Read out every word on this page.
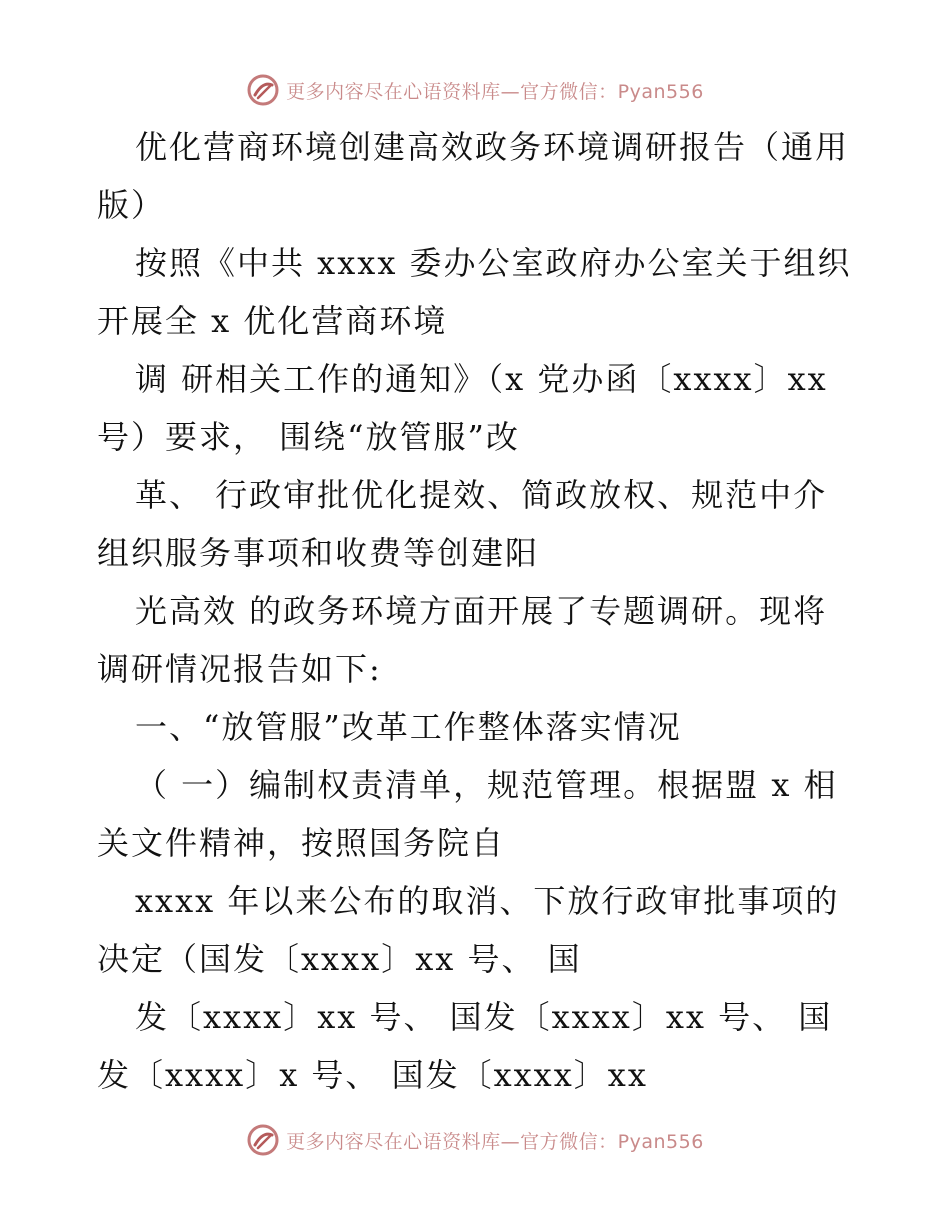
更多内容尽在心语资料库—官方微信：Pyan556

优化营商环境创建高效政务环境调研报告（通用版）

按照《中共 xxxx 委办公室政府办公室关于组织开展全 x 优化营商环境

调 研相关工作的通知》（x 党办函〔xxxx〕xx 号）要求， 围绕“放管服”改

革、 行政审批优化提效、简政放权、规范中介组织服务事项和收费等创建阳

光高效 的政务环境方面开展了专题调研。现将调研情况报告如下:

一、“放管服”改革工作整体落实情况

（ 一）编制权责清单，规范管理。根据盟 x 相关文件精神，按照国务院自

xxxx 年以来公布的取消、下放行政审批事项的决定（国发〔xxxx〕xx 号、 国

发〔xxxx〕xx 号、 国发〔xxxx〕xx 号、 国发〔xxxx〕x 号、 国发〔xxxx〕xx

更多内容尽在心语资料库—官方微信：Pyan556
